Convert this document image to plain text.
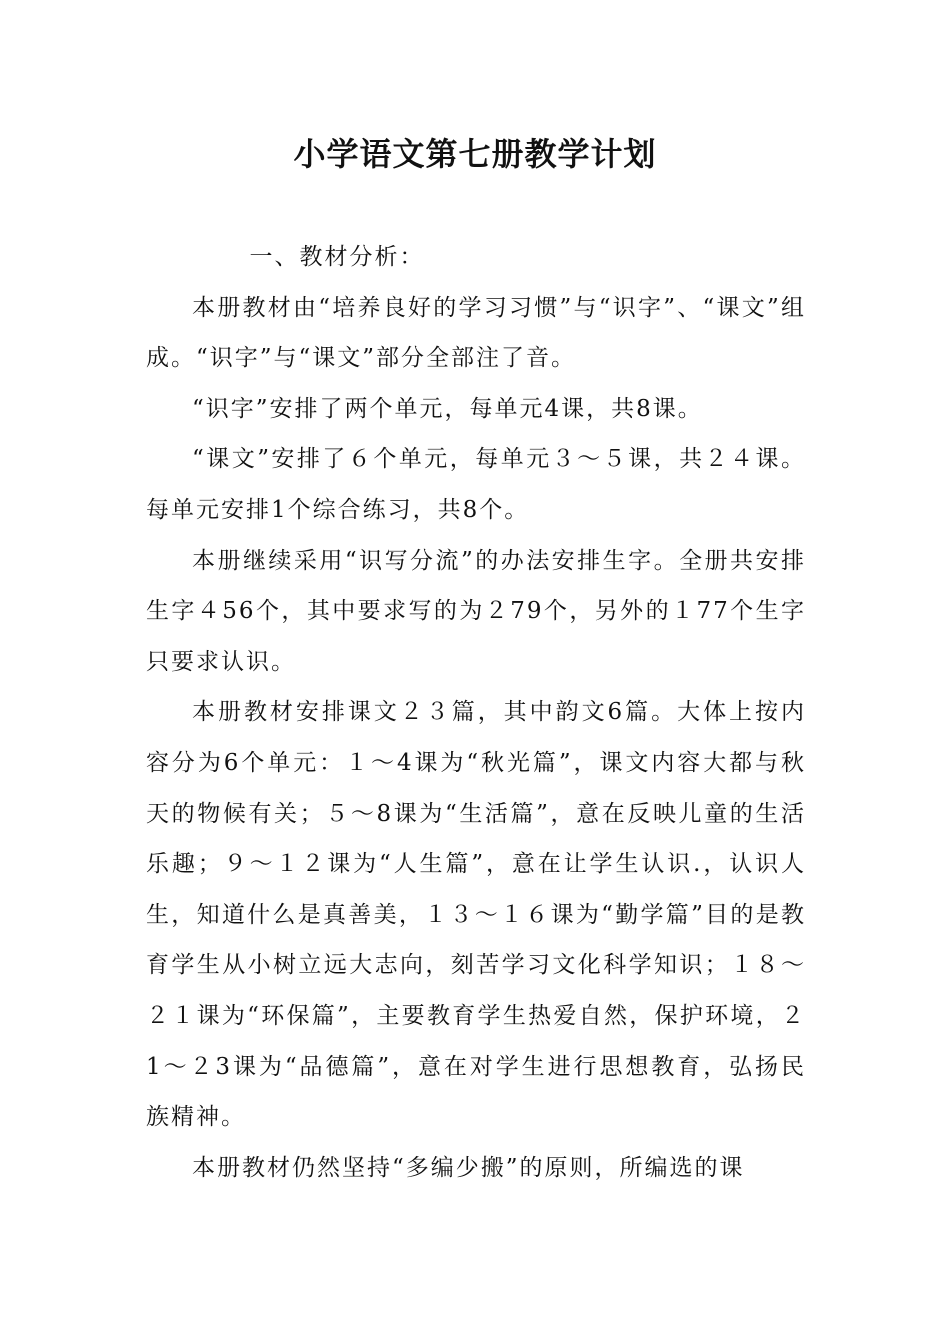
小学语文第七册教学计划

一、教材分析：

本册教材由“培养良好的学习习惯”与“识字”、“课文”组成。“识字”与“课文”部分全部注了音。

“识字”安排了两个单元，每单元4课，共8课。

“课文”安排了６个单元，每单元３～５课，共２４课。每单元安排1个综合练习，共8个。

本册继续采用“识写分流”的办法安排生字。全册共安排生字４56个，其中要求写的为２79个，另外的１77个生字只要求认识。

本册教材安排课文２３篇，其中韵文6篇。大体上按内容分为6个单元：１～4课为“秋光篇”，课文内容大都与秋天的物候有关；５～8课为“生活篇”，意在反映儿童的生活乐趣；９～１２课为“人生篇”，意在让学生认识.，认识人生，知道什么是真善美，１３～１６课为“勤学篇”目的是教育学生从小树立远大志向，刻苦学习文化科学知识；１８～２１课为“环保篇”，主要教育学生热爱自然，保护环境，２1～２3课为“品德篇”，意在对学生进行思想教育，弘扬民族精神。

本册教材仍然坚持“多编少搬”的原则，所编选的课
